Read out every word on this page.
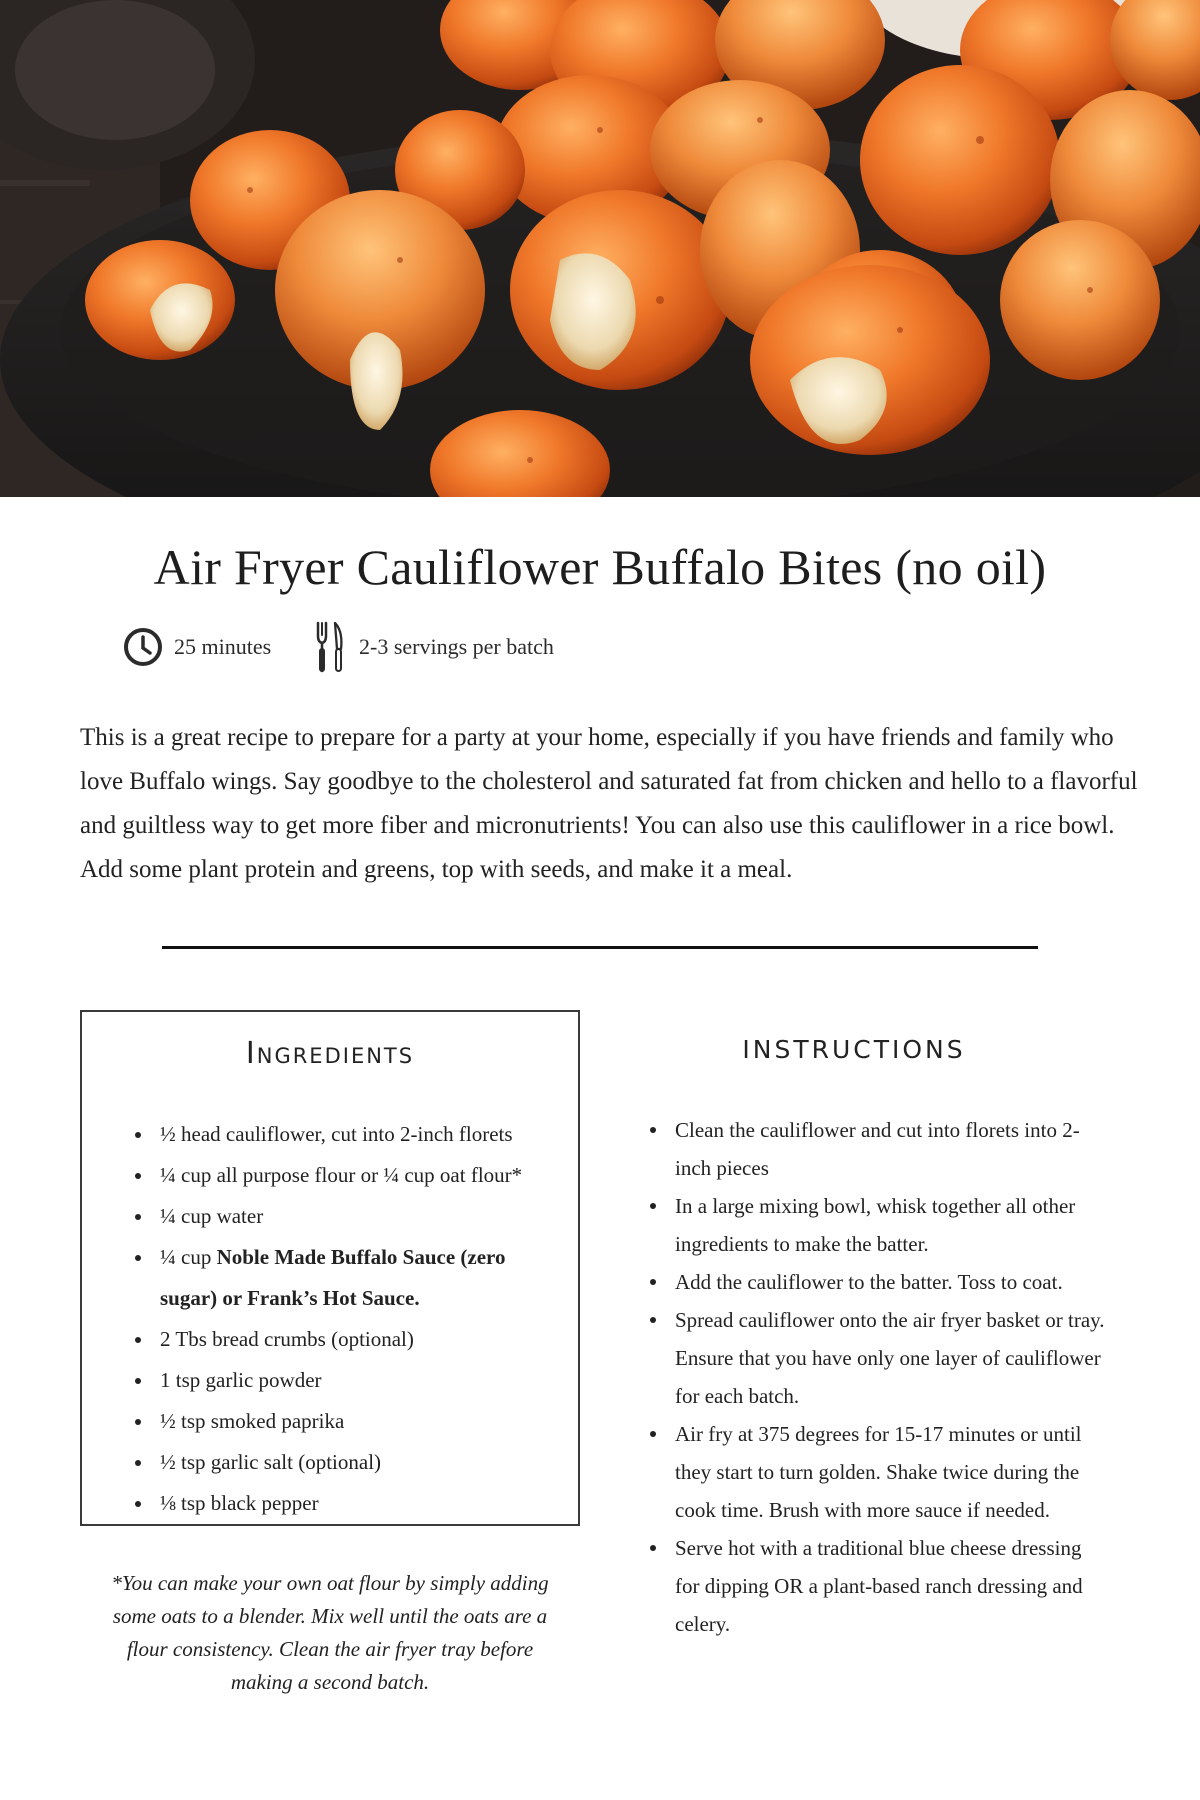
Air Fryer Cauliflower Buffalo Bites (no oil)
25 minutes	2-3 servings per batch
This is a great recipe to prepare for a party at your home, especially if you have friends and family who love Buffalo wings. Say goodbye to the cholesterol and saturated fat from chicken and hello to a flavorful and guiltless way to get more fiber and micronutrients! You can also use this cauliflower in a rice bowl. Add some plant protein and greens, top with seeds, and make it a meal.
Ingredients
½ head cauliflower, cut into 2-inch florets
¼ cup all purpose flour or ¼ cup oat flour*
¼ cup water
¼ cup Noble Made Buffalo Sauce (zero sugar) or Frank’s Hot Sauce.
2 Tbs bread crumbs (optional)
1 tsp garlic powder
½ tsp smoked paprika
½ tsp garlic salt (optional)
⅛ tsp black pepper
*You can make your own oat flour by simply adding some oats to a blender. Mix well until the oats are a flour consistency. Clean the air fryer tray before making a second batch.
INSTRUCTIONS
Clean the cauliflower and cut into florets into 2-inch pieces
In a large mixing bowl, whisk together all other ingredients to make the batter.
Add the cauliflower to the batter. Toss to coat.
Spread cauliflower onto the air fryer basket or tray. Ensure that you have only one layer of cauliflower for each batch.
Air fry at 375 degrees for 15-17 minutes or until they start to turn golden. Shake twice during the cook time. Brush with more sauce if needed.
Serve hot with a traditional blue cheese dressing for dipping OR a plant-based ranch dressing and celery.
